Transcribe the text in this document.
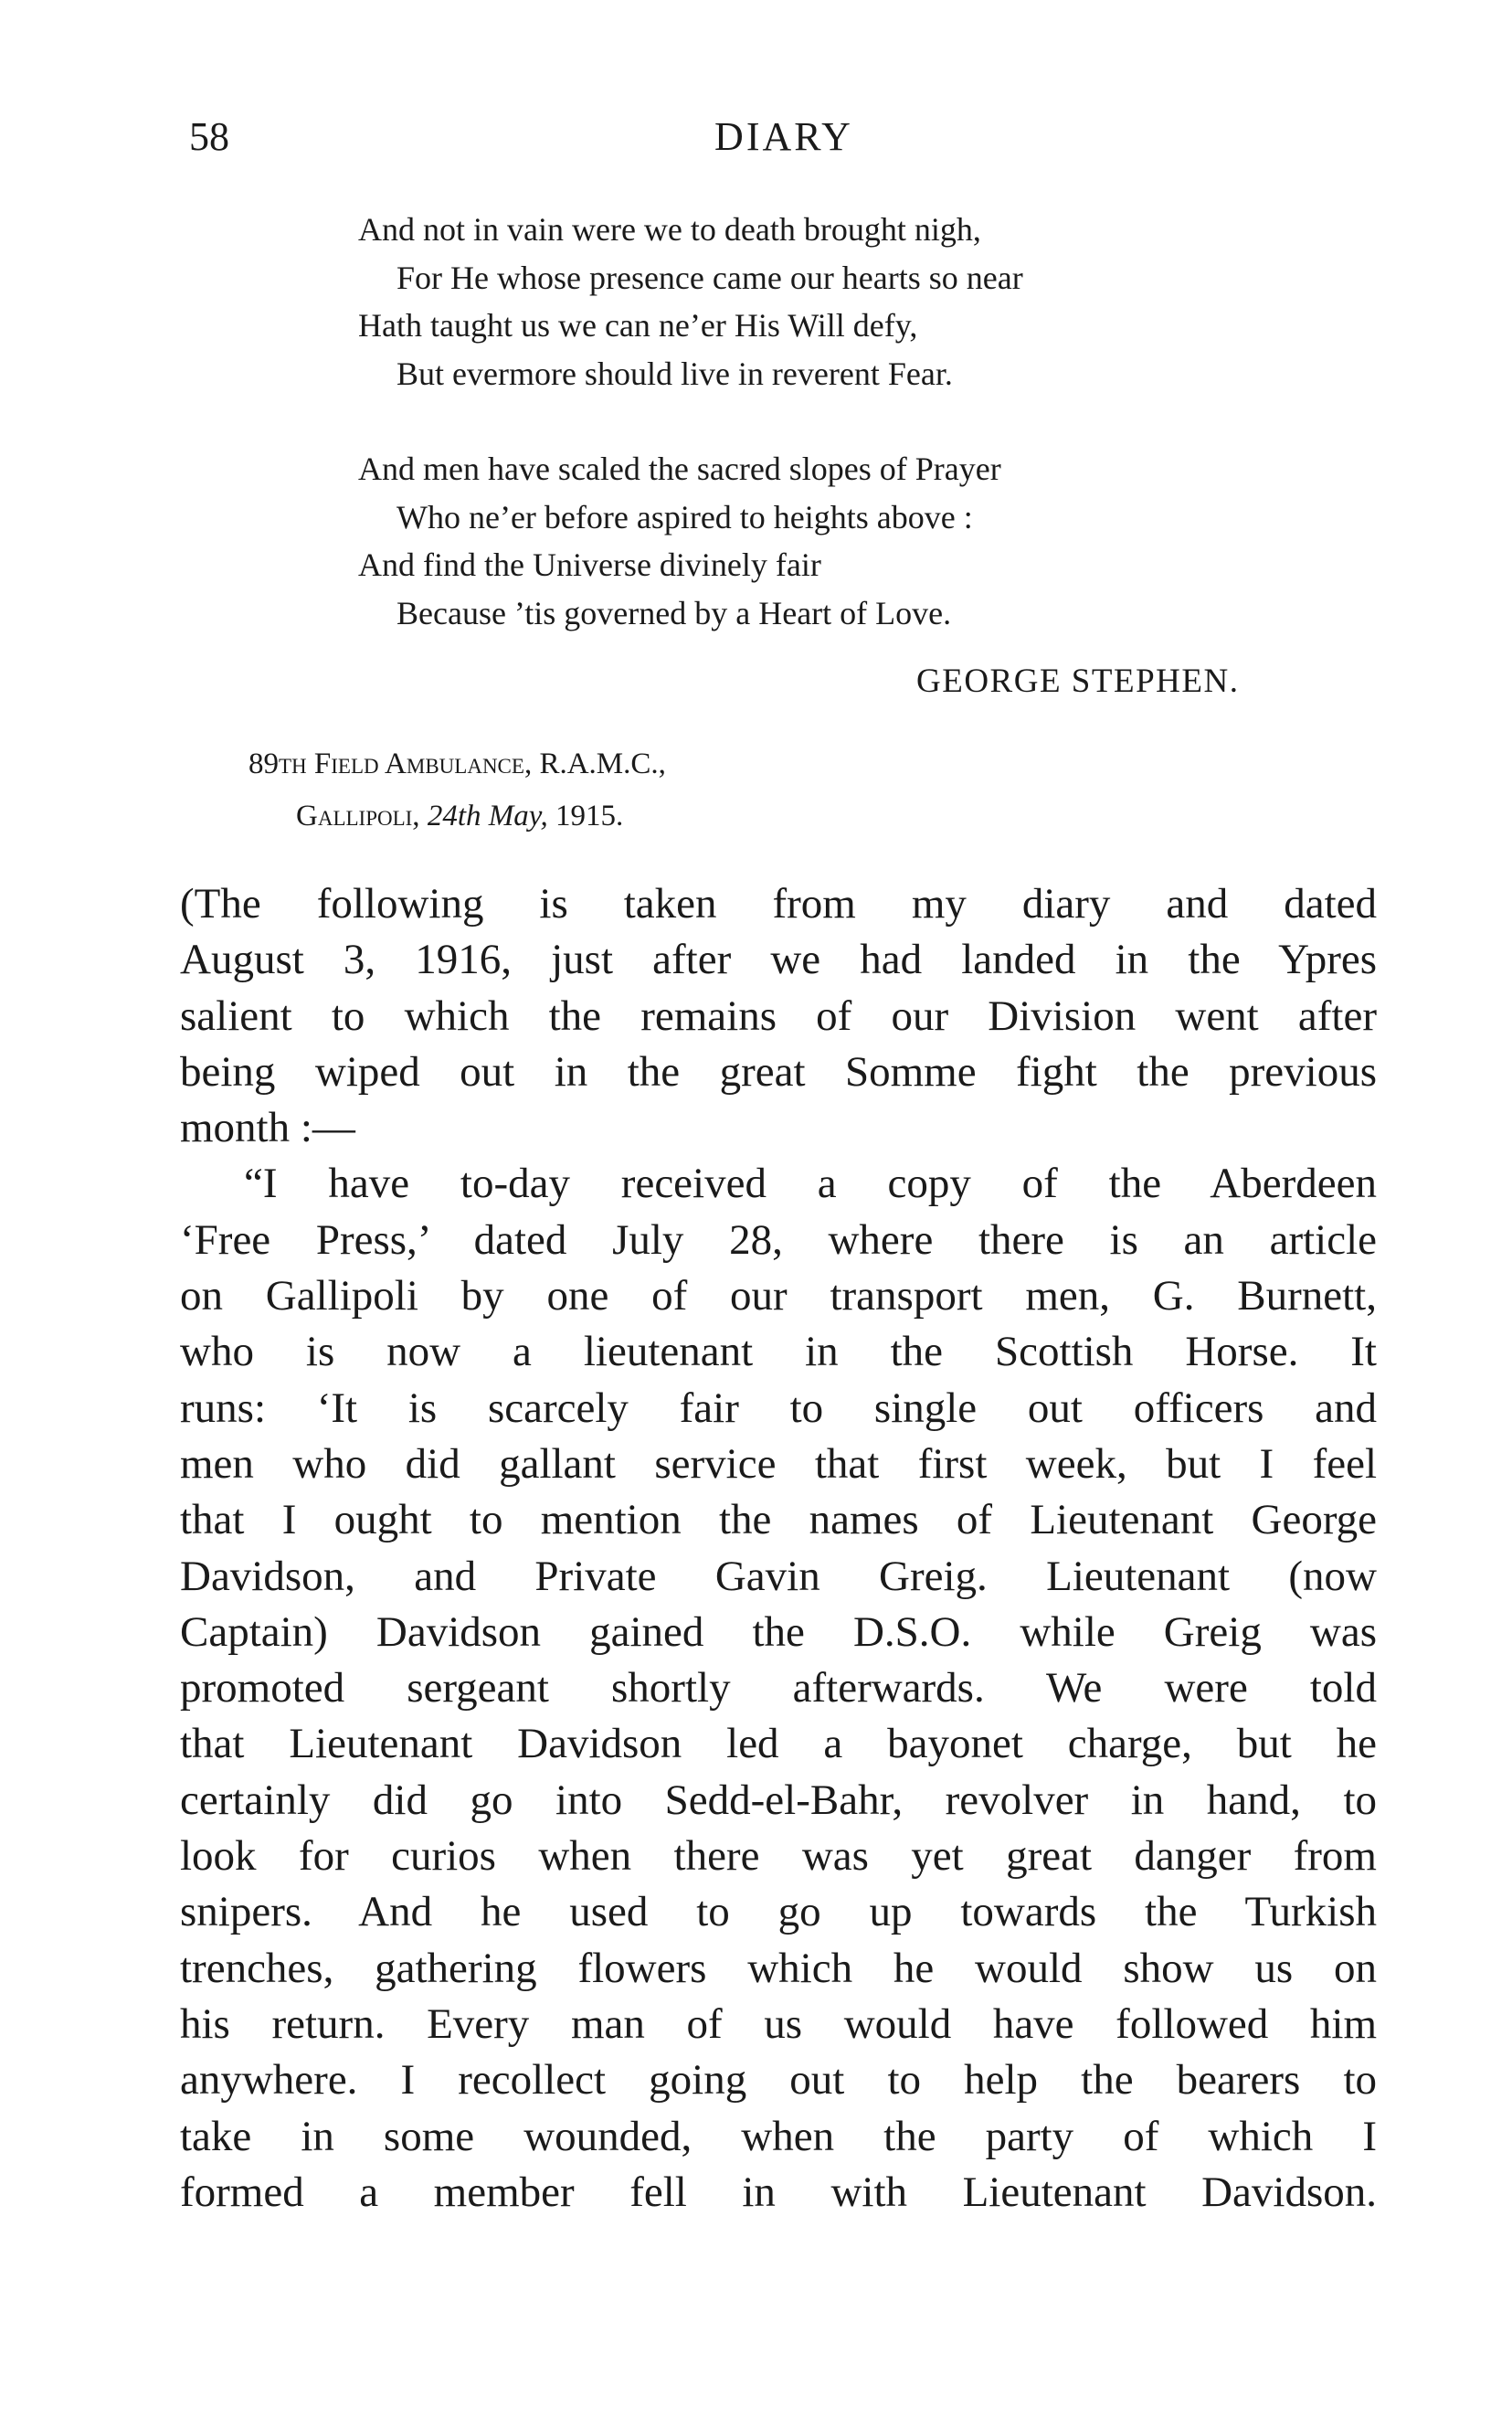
58	DIARY
And not in vain were we to death brought nigh,
For He whose presence came our hearts so near
Hath taught us we can ne’er His Will defy,
But evermore should live in reverent Fear.
And men have scaled the sacred slopes of Prayer
Who ne’er before aspired to heights above :
And find the Universe divinely fair
Because ’tis governed by a Heart of Love.
GEORGE STEPHEN.
89th Field Ambulance, R.A.M.C.,
Gallipoli, 24th May, 1915.
(The following is taken from my diary and dated
August 3, 1916, just after we had landed in the Ypres
salient to which the remains of our Division went after
being wiped out in the great Somme fight the previous
month :—
“I have to-day received a copy of the Aberdeen
‘Free Press,’ dated July 28, where there is an article
on Gallipoli by one of our transport men, G. Burnett,
who is now a lieutenant in the Scottish Horse. It
runs: ‘It is scarcely fair to single out officers and
men who did gallant service that first week, but I feel
that I ought to mention the names of Lieutenant George
Davidson, and Private Gavin Greig. Lieutenant (now
Captain) Davidson gained the D.S.O. while Greig was
promoted sergeant shortly afterwards. We were told
that Lieutenant Davidson led a bayonet charge, but he
certainly did go into Sedd-el-Bahr, revolver in hand, to
look for curios when there was yet great danger from
snipers. And he used to go up towards the Turkish
trenches, gathering flowers which he would show us on
his return. Every man of us would have followed him
anywhere. I recollect going out to help the bearers to
take in some wounded, when the party of which I
formed a member fell in with Lieutenant Davidson.
